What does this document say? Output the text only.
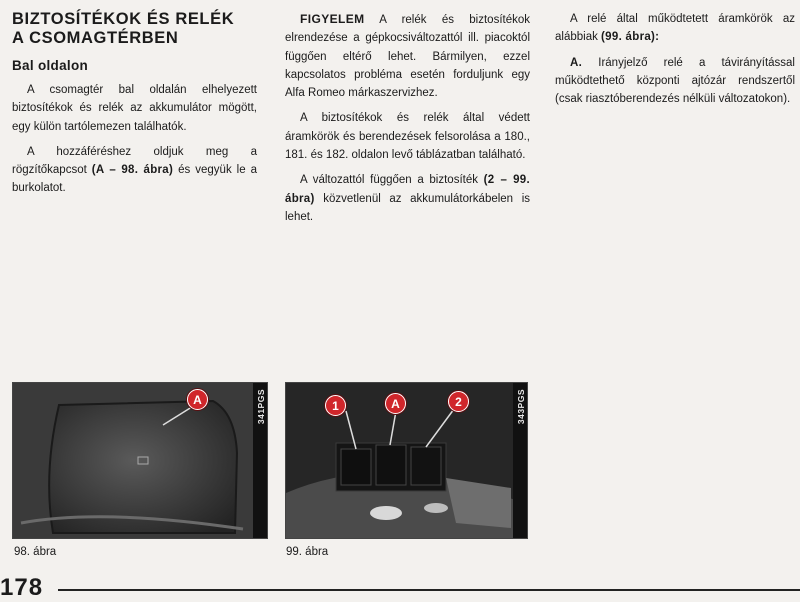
BIZTOSÍTÉKOK ÉS RELÉK
A CSOMAGTÉRBEN
Bal oldalon

A csomagtér bal oldalán elhelyezett biztosítékok és relék az akkumulátor mögött, egy külön tartólemezen találhatók.

A hozzáféréshez oldjuk meg a rögzítőkapcsot (A – 98. ábra) és vegyük le a burkolatot.

FIGYELEM A relék és biztosítékok elrendezése a gépkocsiváltozattól ill. piacoktól függően eltérő lehet. Bármilyen, ezzel kapcsolatos probléma esetén forduljunk egy Alfa Romeo márkaszervizhez.

A biztosítékok és relék által védett áramkörök és berendezések felsorolása a 180., 181. és 182. oldalon levő táblázatban található.

A változattól függően a biztosíték (2 – 99. ábra) közvetlenül az akkumulátorkábelen is lehet.

A relé által működtetett áramkörök az alábbiak (99. ábra):

A. Irányjelző relé a távirányítással működtethető központi ajtózár rendszertől (csak riasztóberendezés nélküli változatokon).

A	341PGS
98. ábra
1	A	2	343PGS
99. ábra
178
